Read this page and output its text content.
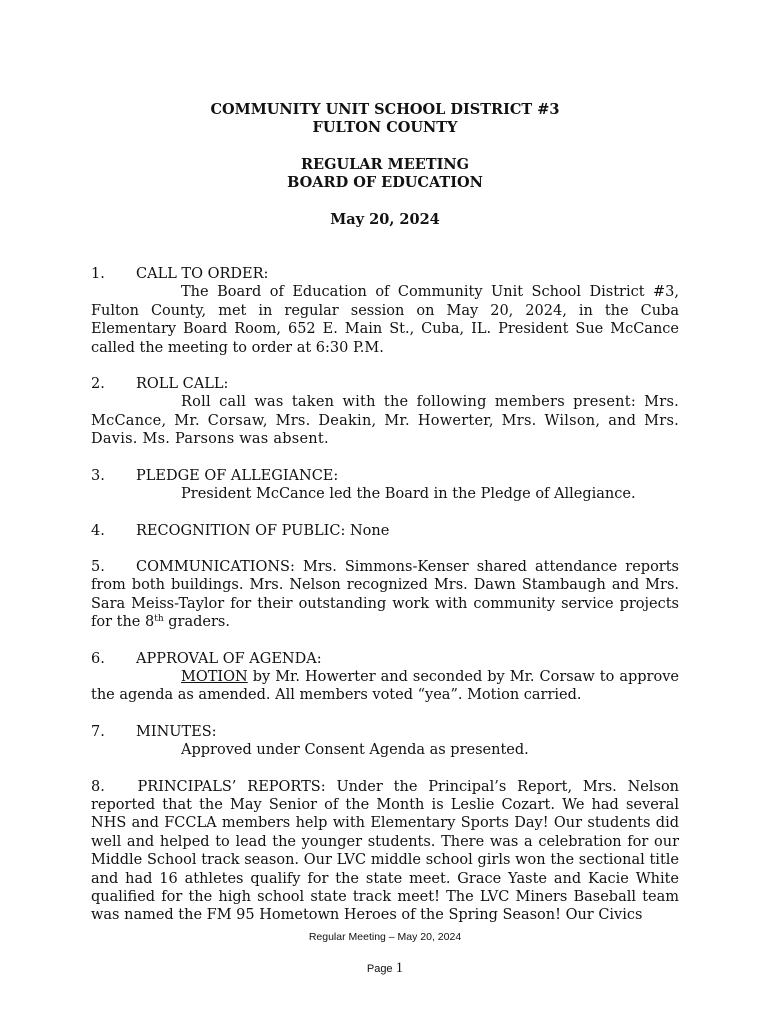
COMMUNITY UNIT SCHOOL DISTRICT #3
FULTON COUNTY
REGULAR MEETING
BOARD OF EDUCATION
May 20, 2024
1. CALL TO ORDER:
The Board of Education of Community Unit School District #3, Fulton County, met in regular session on May 20, 2024, in the Cuba Elementary Board Room, 652 E. Main St., Cuba, IL. President Sue McCance called the meeting to order at 6:30 P.M.
2. ROLL CALL:
Roll call was taken with the following members present: Mrs. McCance, Mr. Corsaw, Mrs. Deakin, Mr. Howerter, Mrs. Wilson, and Mrs. Davis. Ms. Parsons was absent.
3. PLEDGE OF ALLEGIANCE:
President McCance led the Board in the Pledge of Allegiance.
4. RECOGNITION OF PUBLIC: None
5. COMMUNICATIONS: Mrs. Simmons-Kenser shared attendance reports from both buildings. Mrs. Nelson recognized Mrs. Dawn Stambaugh and Mrs. Sara Meiss-Taylor for their outstanding work with community service projects for the 8th graders.
6. APPROVAL OF AGENDA:
MOTION by Mr. Howerter and seconded by Mr. Corsaw to approve the agenda as amended. All members voted “yea”. Motion carried.
7. MINUTES:
Approved under Consent Agenda as presented.
8. PRINCIPALS’ REPORTS: Under the Principal’s Report, Mrs. Nelson reported that the May Senior of the Month is Leslie Cozart. We had several NHS and FCCLA members help with Elementary Sports Day! Our students did well and helped to lead the younger students. There was a celebration for our Middle School track season. Our LVC middle school girls won the sectional title and had 16 athletes qualify for the state meet. Grace Yaste and Kacie White qualified for the high school state track meet! The LVC Miners Baseball team was named the FM 95 Hometown Heroes of the Spring Season! Our Civics
Regular Meeting – May 20, 2024
Page 1
